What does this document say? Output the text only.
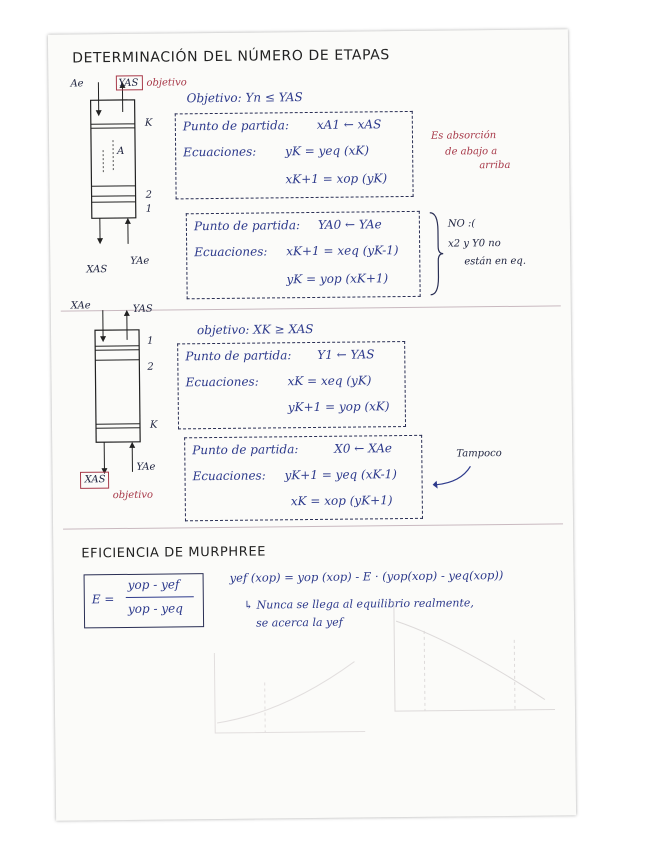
DETERMINACIÓN DEL NÚMERO DE ETAPAS
Ae	YAS objetivo
A
K
2
1
XAS
YAe
Objetivo: Yn ≤ YAS
Punto de partida: xA1 ← xAS
Ecuaciones: yK = yeq (xK)
xK+1 = xop (yK)
Punto de partida: YA0 ← YAe
Ecuaciones: xK+1 = xeq (yK-1)
yK = yop (xK+1)
Es absorción
de abajo a
arriba
NO :(
x2 y Y0 no
están en eq.
XAe	YAS
1
2
K
XAS
YAe
objetivo
objetivo: XK ≥ XAS
Punto de partida: Y1 ← YAS
Ecuaciones: xK = xeq (yK)
yK+1 = yop (xK)
Punto de partida:	X0 ← XAe
Ecuaciones: yK+1 = yeq (xK-1)
xK = xop (yK+1)
Tampoco
EFICIENCIA DE MURPHREE
E =
yop - yef
yop - yeq
yef (xop) = yop (xop) - E · (yop(xop) - yeq(xop))
↳ Nunca se llega al equilibrio realmente,
se acerca la yef
